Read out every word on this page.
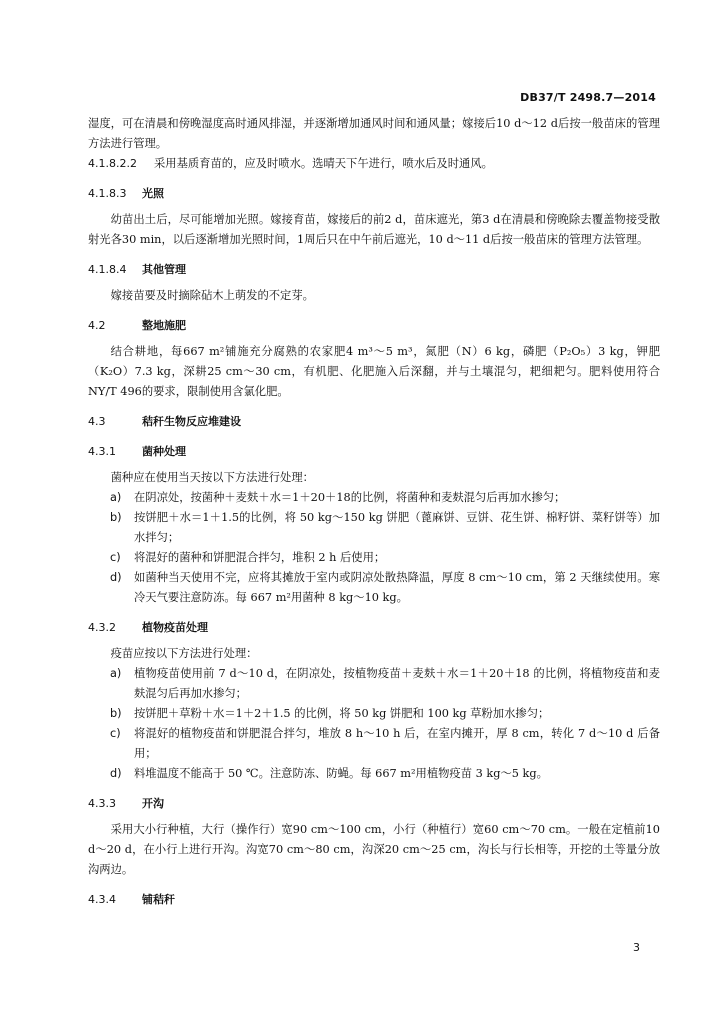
DB37/T 2498.7—2014

湿度，可在清晨和傍晚湿度高时通风排湿，并逐渐增加通风时间和通风量；嫁接后10 d～12 d后按一般苗床的管理方法进行管理。

4.1.8.2.2 采用基质育苗的，应及时喷水。选晴天下午进行，喷水后及时通风。

4.1.8.3 光照

幼苗出土后，尽可能增加光照。嫁接育苗，嫁接后的前2 d，苗床遮光，第3 d在清晨和傍晚除去覆盖物接受散射光各30 min，以后逐渐增加光照时间，1周后只在中午前后遮光，10 d～11 d后按一般苗床的管理方法管理。

4.1.8.4 其他管理

嫁接苗要及时摘除砧木上萌发的不定芽。

4.2	整地施肥

结合耕地，每667 m²铺施充分腐熟的农家肥4 m³～5 m³，氮肥（N）6 kg，磷肥（P₂O₅）3 kg，钾肥（K₂O）7.3 kg，深耕25 cm～30 cm，有机肥、化肥施入后深翻，并与土壤混匀，耙细耙匀。肥料使用符合NY/T 496的要求，限制使用含氯化肥。

4.3	秸秆生物反应堆建设
4.3.1 菌种处理

菌种应在使用当天按以下方法进行处理：

a) 在阴凉处，按菌种＋麦麸＋水＝1＋20＋18的比例，将菌种和麦麸混匀后再加水掺匀；
b) 按饼肥＋水＝1＋1.5的比例，将 50 kg～150 kg 饼肥（蓖麻饼、豆饼、花生饼、棉籽饼、菜籽饼等）加水拌匀；
c) 将混好的菌种和饼肥混合拌匀，堆积 2 h 后使用；
d) 如菌种当天使用不完，应将其摊放于室内或阴凉处散热降温，厚度 8 cm～10 cm，第 2 天继续使用。寒冷天气要注意防冻。每 667 m²用菌种 8 kg～10 kg。
4.3.2 植物疫苗处理

疫苗应按以下方法进行处理：

a) 植物疫苗使用前 7 d～10 d，在阴凉处，按植物疫苗＋麦麸＋水＝1＋20＋18 的比例，将植物疫苗和麦麸混匀后再加水掺匀；
b) 按饼肥＋草粉＋水＝1＋2＋1.5 的比例，将 50 kg 饼肥和 100 kg 草粉加水掺匀；
c) 将混好的植物疫苗和饼肥混合拌匀，堆放 8 h～10 h 后，在室内摊开，厚 8 cm，转化 7 d～10 d 后备用；
d) 料堆温度不能高于 50 ℃。注意防冻、防蝇。每 667 m²用植物疫苗 3 kg～5 kg。
4.3.3 开沟

采用大小行种植，大行（操作行）宽90 cm～100 cm，小行（种植行）宽60 cm～70 cm。一般在定植前10 d～20 d，在小行上进行开沟。沟宽70 cm～80 cm，沟深20 cm～25 cm，沟长与行长相等，开挖的土等量分放沟两边。

4.3.4 铺秸秆
3
